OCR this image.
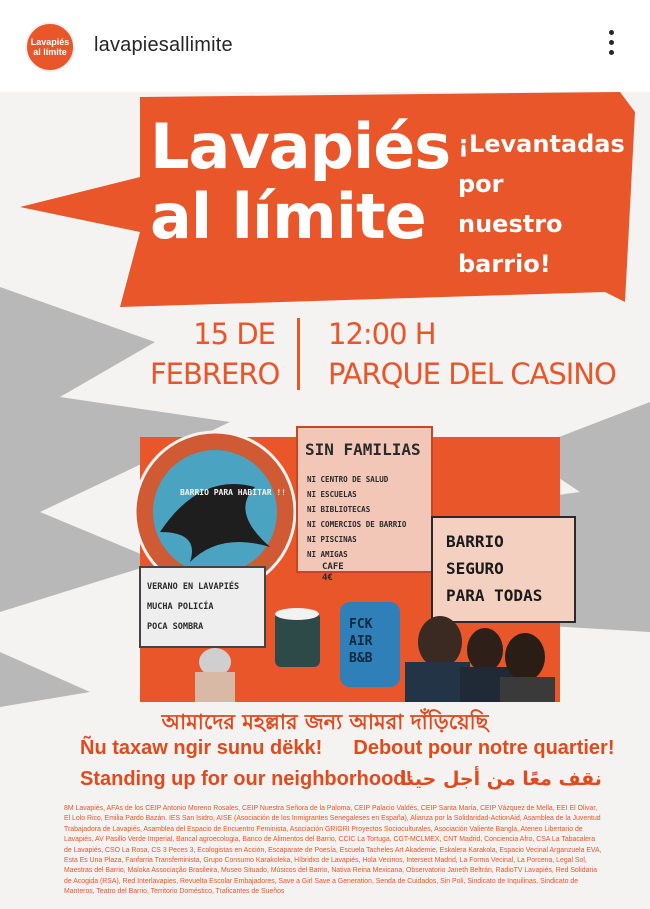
Lavapiés al límite lavapiesallimite
Lavapiés
al límite
¡Levantadas
por
nuestro
barrio!
15 DE
FEBRERO
12:00 H
PARQUE DEL CASINO
BARRIO PARA HABITAR !!
SIN FAMILIAS
NI CENTRO DE SALUD
NI ESCUELAS
NI BIBLIOTECAS
NI COMERCIOS DE BARRIO
NI PISCINAS
NI AMIGAS
VERANO EN LAVAPIÉS
MUCHA POLICÍA
POCA SOMBRA
CAFE
4€
FCK
AIR
B&B
BARRIO
SEGURO
PARA TODAS
আমাদের মহল্লার জন্য আমরা দাঁড়িয়েছি
Ñu taxaw ngir sunu dëkk! Debout pour notre quartier!
Standing up for our neighborhood!
نقف معًا من أجل حينا
8M Lavapiés, AFAs de los CEIP Antonio Moreno Rosales, CEIP Nuestra Señora de la Paloma, CEIP Palacio Valdés, CEIP Santa María, CEIP Vázquez de Mella, EEI El Olivar, El Lolo Rico, Emilia Pardo Bazán. IES San Isidro, AISE (Asociación de los Inmigrantes Senegaleses en España), Alianza por la Solidaridad-ActionAid, Asamblea de la Juventud Trabajadora de Lavapiés, Asamblea del Espacio de Encuentro Feminista, Asociación GRIGRI Proyectos Socioculturales, Asociación Valiente Bangla, Ateneo Libertario de Lavapiés, AV Pasillo Verde Imperial, Bancal agroecologia, Banco de Alimentos del Barrio, CCIC La Tortuga, CGT-MCLMEX, CNT Madrid, Conciencia Afro, CSA La Tabacalera de Lavapiés, CSO La Rosa, CS 3 Peces 3, Ecologistas en Acción, Escaparate de Poesía, Escuela Tacheles Art Akademie, Eskalera Karakola, Espacio Vecinal Arganzuela EVA, Esta Es Una Plaza, Fanfarria Transfeminista, Grupo Consumo Karakoleka, Híbridxs de Lavapiés, Hola Vecinos, Intersect Madrid, La Forma Vecinal, La Porcena, Legal Sol, Maestras del Barrio, Maloka Associação Brasileira, Museo Situado, Músicos del Barrio, Nativa Reina Mexicana, Observatorio Janeth Beltrán, RadioTV Lavapiés, Red Solidaria de Acogida (RSA), Red Interlavapies, Revuelta Escolar Embajadores, Save a Girl Save a Generation, Senda de Cuidados, Sin Poli, Sindicato de Inquilinas, Sindicato de Manteros, Teatro del Barrio, Territorio Doméstico, Traficantes de Sueños
